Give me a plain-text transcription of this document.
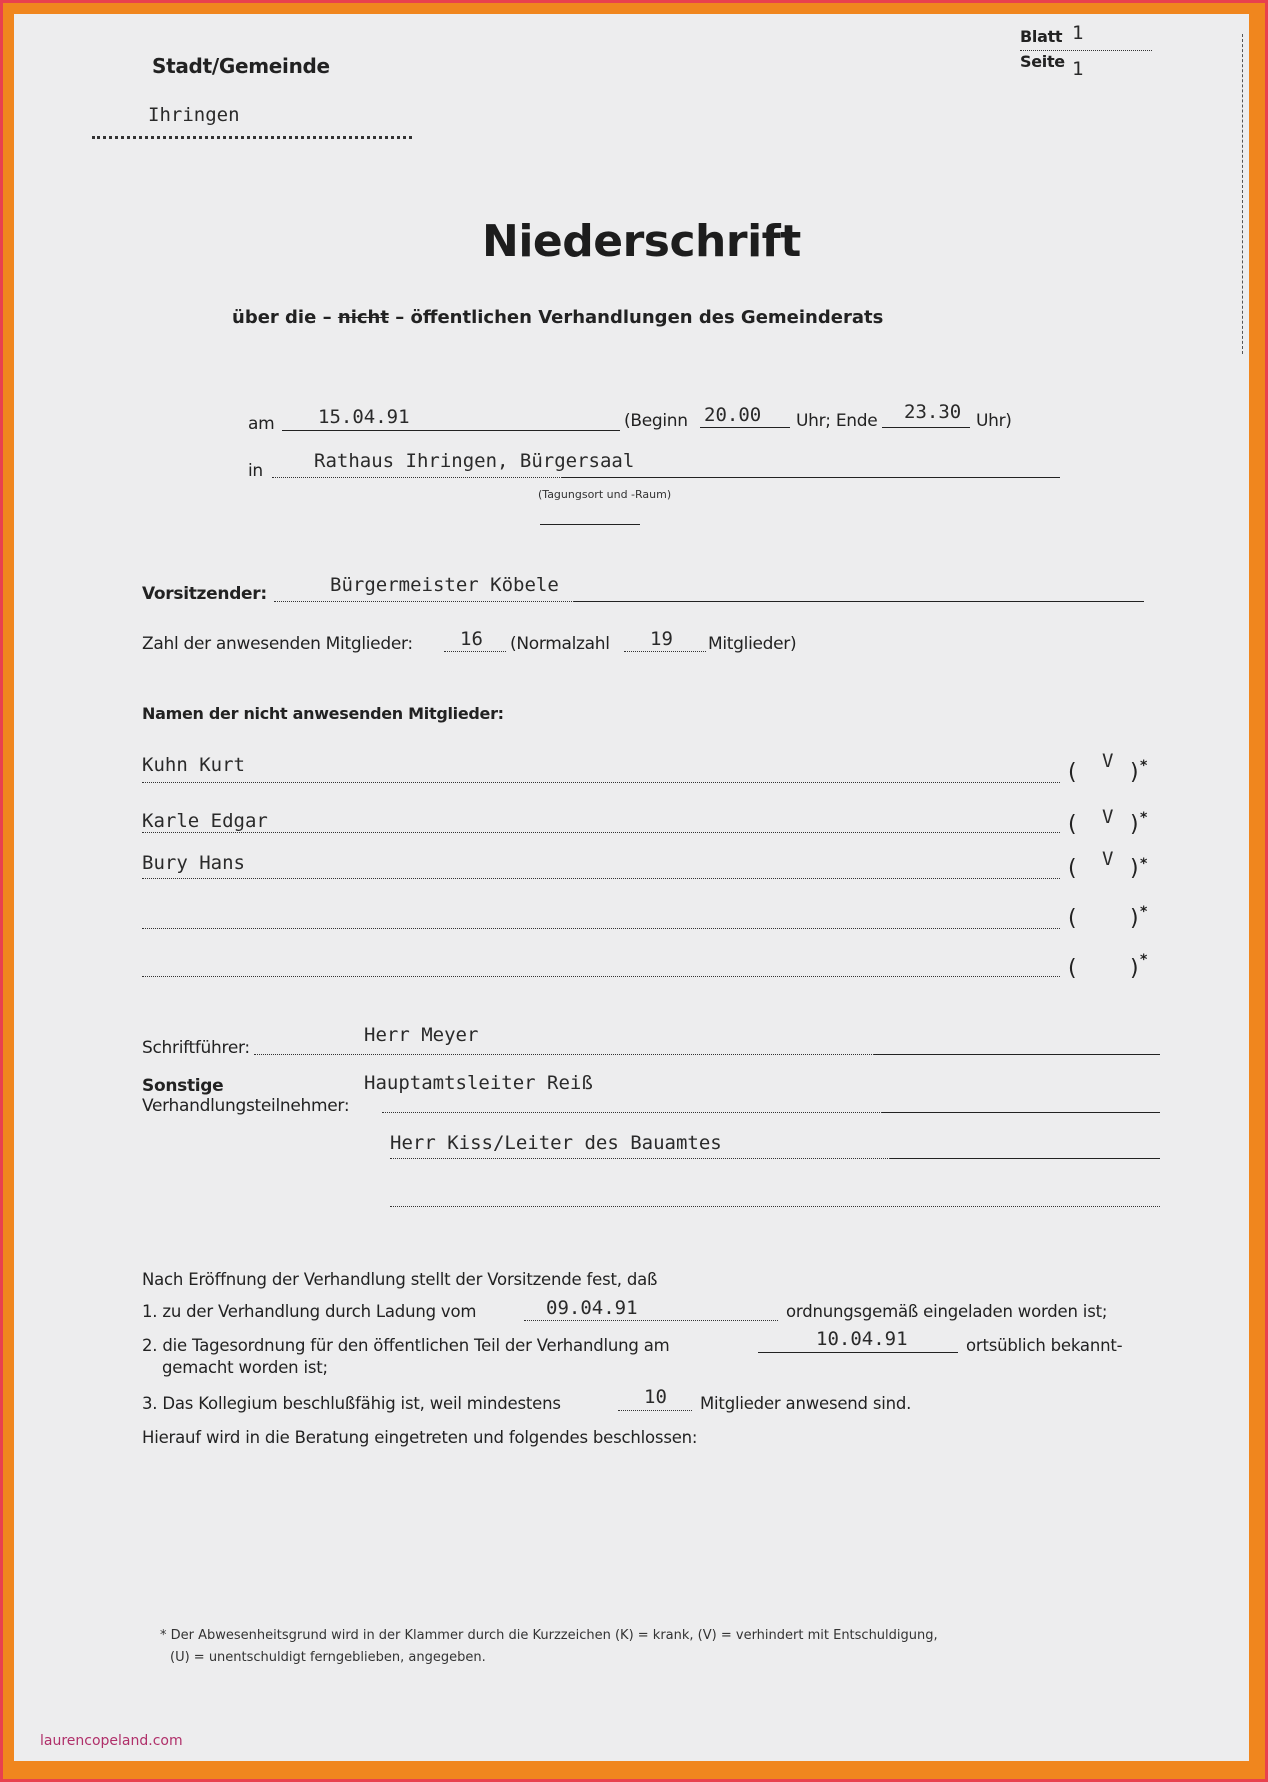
Stadt/Gemeinde
Ihringen
Blatt 1
Seite 1
Niederschrift
über die – nicht – öffentlichen Verhandlungen des Gemeinderats
am 15.04.91	(Beginn 20.00 Uhr; Ende 23.30 Uhr)
in	Rathaus Ihringen, Bürgersaal
(Tagungsort und -Raum)
Vorsitzender:	Bürgermeister Köbele
Zahl der anwesenden Mitglieder: 16 (Normalzahl 19 Mitglieder)
Namen der nicht anwesenden Mitglieder:
Kuhn Kurt	( V ) *
Karle Edgar	( V ) *
Bury Hans	( V ) *
( ) *
( ) *
Schriftführer:
Herr Meyer
Sonstige
Verhandlungsteilnehmer:
Hauptamtsleiter Reiß
Herr Kiss/Leiter des Bauamtes
Nach Eröffnung der Verhandlung stellt der Vorsitzende fest, daß
1. zu der Verhandlung durch Ladung vom	09.04.91	ordnungsgemäß eingeladen worden ist;
2. die Tagesordnung für den öffentlichen Teil der Verhandlung am	10.04.91	ortsüblich bekannt-
gemacht worden ist;
3. Das Kollegium beschlußfähig ist, weil mindestens	10 Mitglieder anwesend sind.
Hierauf wird in die Beratung eingetreten und folgendes beschlossen:
* Der Abwesenheitsgrund wird in der Klammer durch die Kurzzeichen (K) = krank, (V) = verhindert mit Entschuldigung,
(U) = unentschuldigt ferngeblieben, angegeben.
laurencopeland.com
